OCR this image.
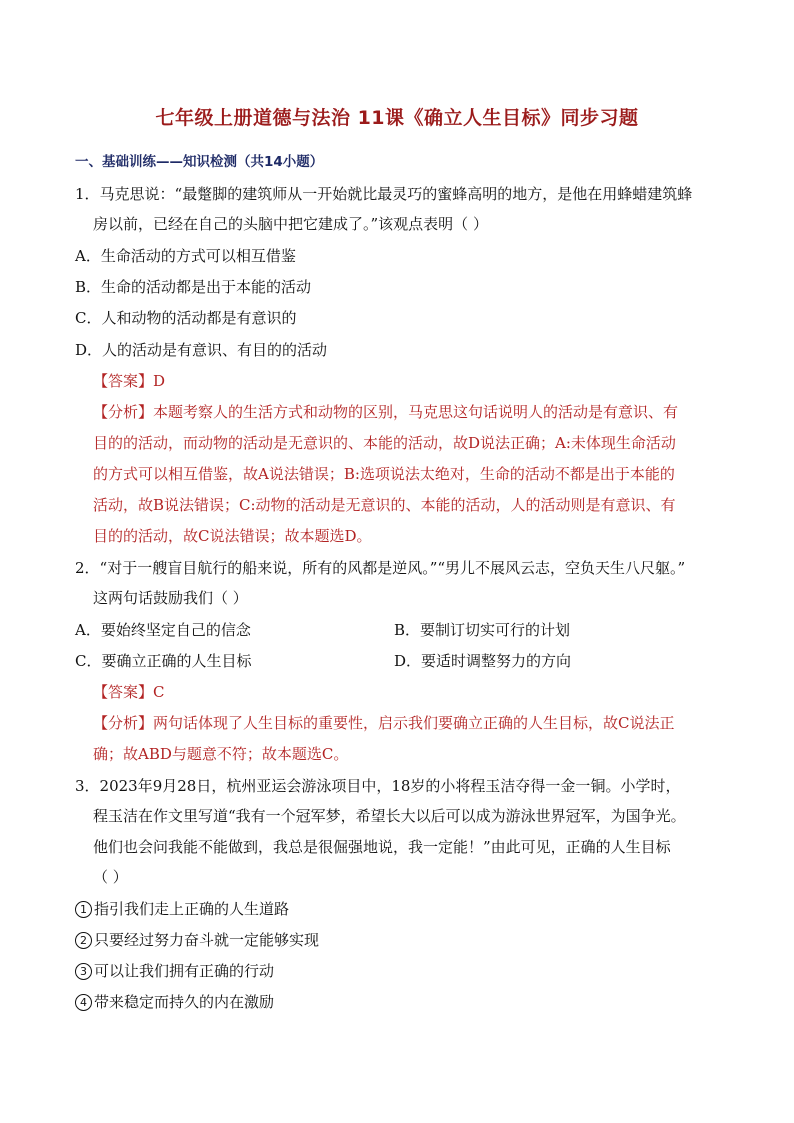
七年级上册道德与法治 11课《确立人生目标》同步习题
一、基础训练——知识检测（共14小题）
1．马克思说：“最蹩脚的建筑师从一开始就比最灵巧的蜜蜂高明的地方，是他在用蜂蜡建筑蜂
房以前，已经在自己的头脑中把它建成了。”该观点表明（ ）
A．生命活动的方式可以相互借鉴
B．生命的活动都是出于本能的活动
C．人和动物的活动都是有意识的
D．人的活动是有意识、有目的的活动
【答案】D
【分析】本题考察人的生活方式和动物的区别，马克思这句话说明人的活动是有意识、有
目的的活动，而动物的活动是无意识的、本能的活动，故D说法正确；A:未体现生命活动
的方式可以相互借鉴，故A说法错误；B:选项说法太绝对，生命的活动不都是出于本能的
活动，故B说法错误；C:动物的活动是无意识的、本能的活动，人的活动则是有意识、有
目的的活动，故C说法错误；故本题选D。
2．“对于一艘盲目航行的船来说，所有的风都是逆风。”“男儿不展风云志，空负天生八尺躯。”
这两句话鼓励我们（ ）
A．要始终坚定自己的信念	B．要制订切实可行的计划
C．要确立正确的人生目标	D．要适时调整努力的方向
【答案】C
【分析】两句话体现了人生目标的重要性，启示我们要确立正确的人生目标，故C说法正
确；故ABD与题意不符；故本题选C。
3．2023年9月28日，杭州亚运会游泳项目中，18岁的小将程玉洁夺得一金一铜。小学时，
程玉洁在作文里写道“我有一个冠军梦，希望长大以后可以成为游泳世界冠军，为国争光。
他们也会问我能不能做到，我总是很倔强地说，我一定能！”由此可见，正确的人生目标
（ ）
1 指引我们走上正确的人生道路
2 只要经过努力奋斗就一定能够实现
3 可以让我们拥有正确的行动
4 带来稳定而持久的内在激励
